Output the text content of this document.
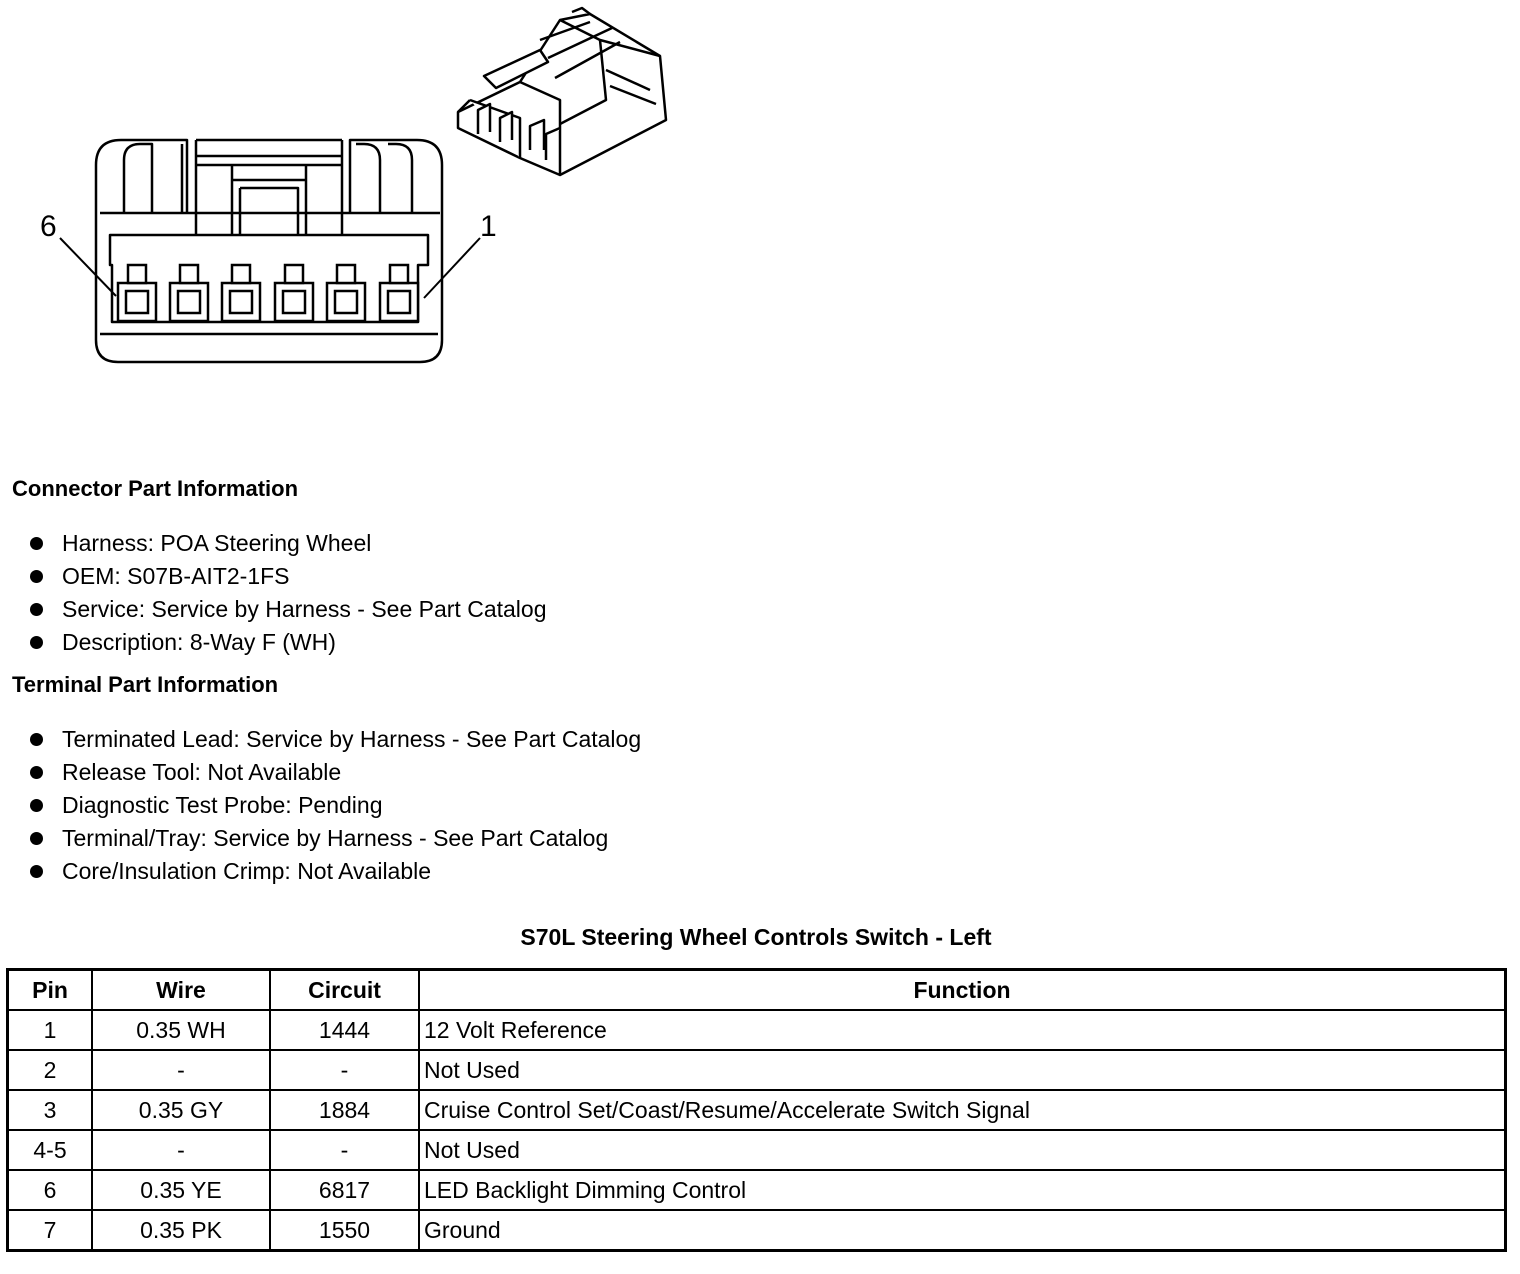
6	1
Connector Part Information
Harness: POA Steering Wheel
OEM: S07B-AIT2-1FS
Service: Service by Harness - See Part Catalog
Description: 8-Way F (WH)
Terminal Part Information
Terminated Lead: Service by Harness - See Part Catalog
Release Tool: Not Available
Diagnostic Test Probe: Pending
Terminal/Tray: Service by Harness - See Part Catalog
Core/Insulation Crimp: Not Available
S70L Steering Wheel Controls Switch - Left
Pin	Wire	Circuit	Function
1	0.35 WH	1444	12 Volt Reference
2	-	-	Not Used
3	0.35 GY	1884	Cruise Control Set/Coast/Resume/Accelerate Switch Signal
4-5	-	-	Not Used
6	0.35 YE	6817	LED Backlight Dimming Control
7	0.35 PK	1550	Ground
